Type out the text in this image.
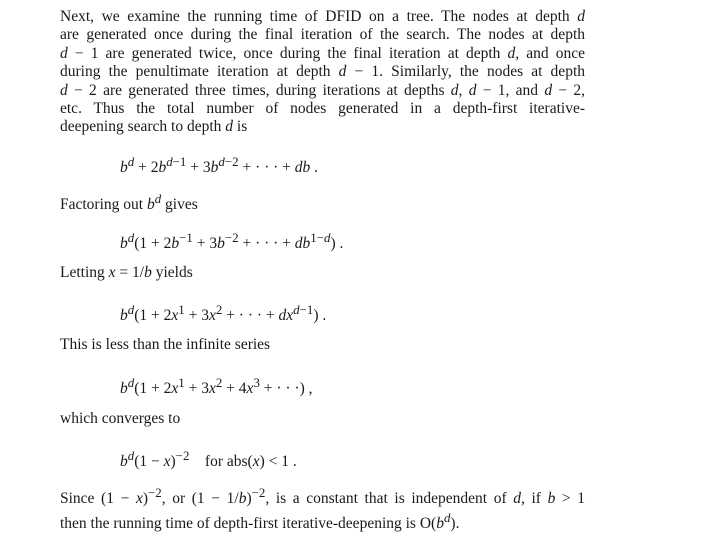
Next, we examine the running time of DFID on a tree. The nodes at depth d
are generated once during the final iteration of the search. The nodes at depth
d − 1 are generated twice, once during the final iteration at depth d, and once
during the penultimate iteration at depth d − 1. Similarly, the nodes at depth
d − 2 are generated three times, during iterations at depths d, d − 1, and d − 2,
etc. Thus the total number of nodes generated in a depth-first iterative-
deepening search to depth d is
$b^d + 2b^{d-1} + 3b^{d-2}$ + · · · + db .
Factoring out $b^d$ gives
$b^d(1 + 2b^{-1} + 3b^{-2}$ + · · · + $db^{1-d}$) .
Letting x = 1/b yields
$b^d(1 + 2x^1 + 3x^2$ + · · · + $dx^{d-1}$) .
This is less than the infinite series
$b^d(1 + 2x^1 + 3x^2 + 4x^3$ + · · ·) ,
which converges to
$b^d(1 - x)^{-2}$    for abs(x) < 1 .
Since $(1 - x)^{-2}$, or $(1 - 1/b)^{-2}$, is a constant that is independent of d, if b > 1
then the running time of depth-first iterative-deepening is $O(b^d)$.
